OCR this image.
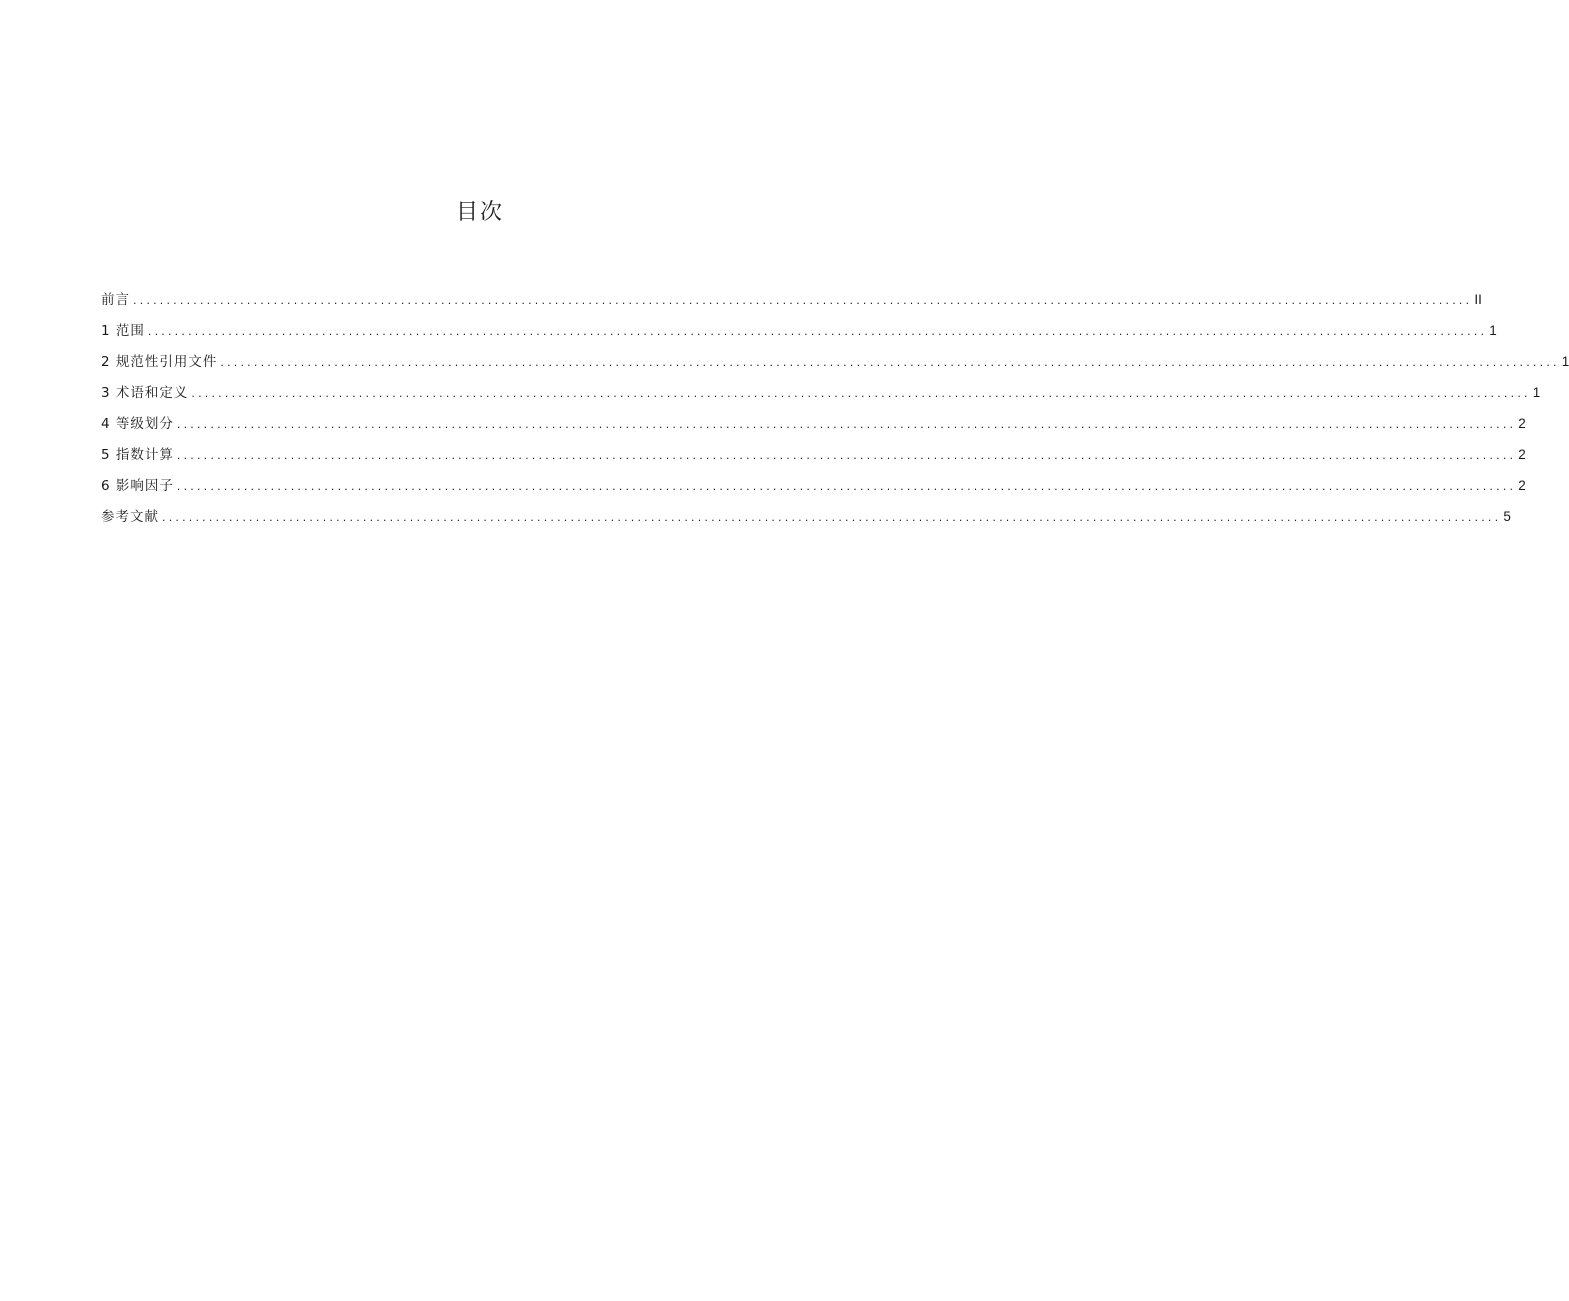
目次
前言 ........................................................................................................................................................................................................ II
1 范围 ........................................................................................................................................................................................................ 1
2 规范性引用文件 ........................................................................................................................................................................................................ 1
3 术语和定义 ........................................................................................................................................................................................................ 1
4 等级划分 ........................................................................................................................................................................................................ 2
5 指数计算 ........................................................................................................................................................................................................ 2
6 影响因子 ........................................................................................................................................................................................................ 2
参考文献 ........................................................................................................................................................................................................ 5
